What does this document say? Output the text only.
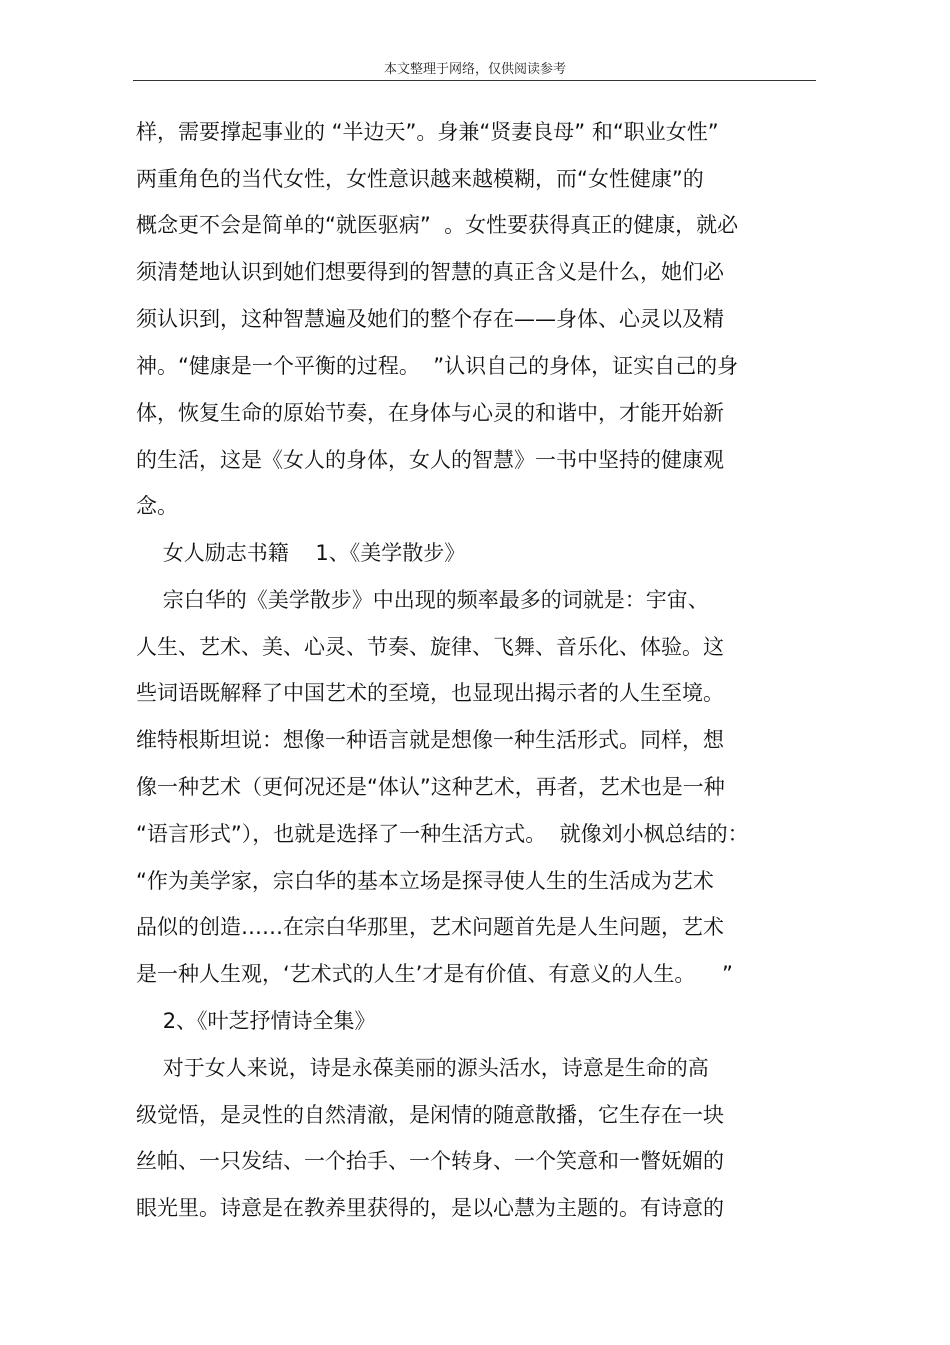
本文整理于网络，仅供阅读参考
样，需要撑起事业的 “半边天”。身兼“贤妻良母” 和“职业女性”
两重角色的当代女性，女性意识越来越模糊，而“女性健康”的
概念更不会是简单的“就医驱病”  。女性要获得真正的健康，就必
须清楚地认识到她们想要得到的智慧的真正含义是什么，她们必
须认识到，这种智慧遍及她们的整个存在——身体、心灵以及精
神。“健康是一个平衡的过程。  ”认识自己的身体，证实自己的身
体，恢复生命的原始节奏，在身体与心灵的和谐中，才能开始新
的生活，这是《女人的身体，女人的智慧》一书中坚持的健康观
念。
女人励志书籍    1、《美学散步》
宗白华的《美学散步》中出现的频率最多的词就是：宇宙、
人生、艺术、美、心灵、节奏、旋律、飞舞、音乐化、体验。这
些词语既解释了中国艺术的至境，也显现出揭示者的人生至境。
维特根斯坦说：想像一种语言就是想像一种生活形式。同样，想
像一种艺术（更何况还是“体认”这种艺术，再者，艺术也是一种
“语言形式”），也就是选择了一种生活方式。  就像刘小枫总结的：
“作为美学家，宗白华的基本立场是探寻使人生的生活成为艺术
品似的创造……在宗白华那里，艺术问题首先是人生问题，艺术
是一种人生观，‘艺术式的人生’才是有价值、有意义的人生。    ”
2、《叶芝抒情诗全集》
对于女人来说，诗是永葆美丽的源头活水，诗意是生命的高
级觉悟，是灵性的自然清澈，是闲情的随意散播，它生存在一块
丝帕、一只发结、一个抬手、一个转身、一个笑意和一瞥妩媚的
眼光里。诗意是在教养里获得的，是以心慧为主题的。有诗意的
